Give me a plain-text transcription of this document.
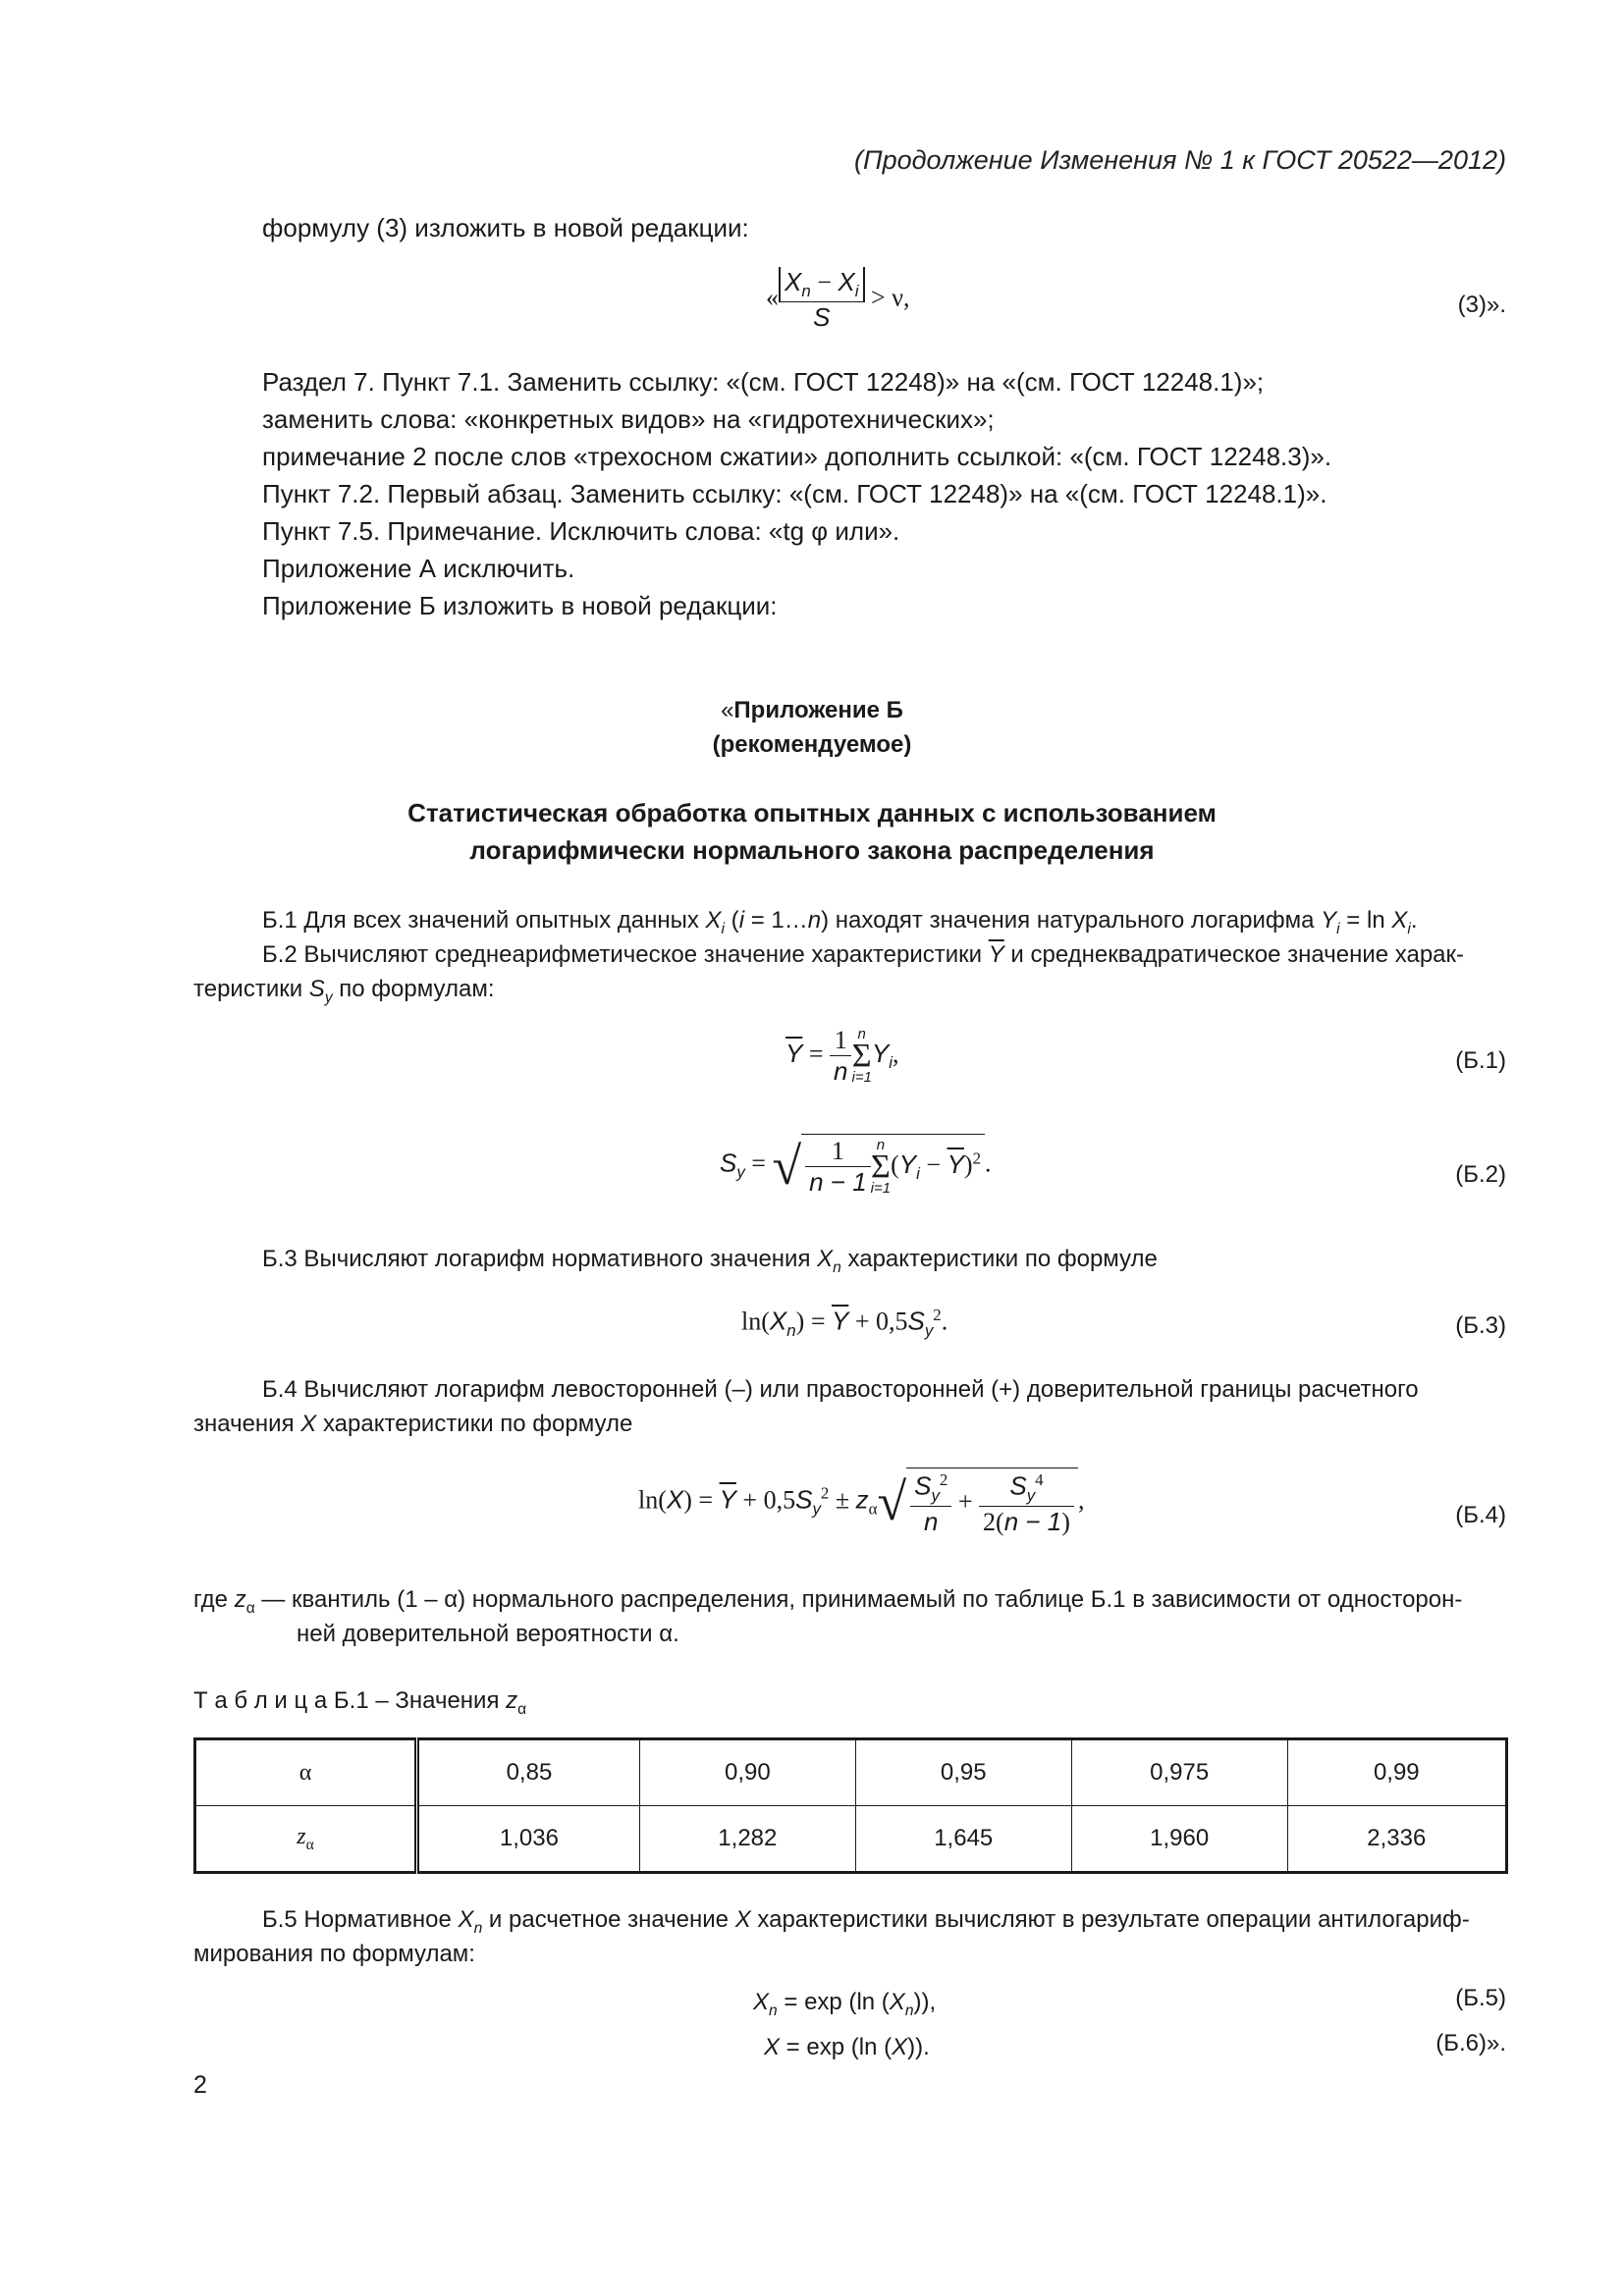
(Продолжение Изменения № 1 к ГОСТ 20522—2012)
формулу (3) изложить в новой редакции:
« $\frac{X_n - X_i}{S} > \nu$,	(3)».
Раздел 7. Пункт 7.1. Заменить ссылку: «(см. ГОСТ 12248)» на «(см. ГОСТ 12248.1)»;
заменить слова: «конкретных видов» на «гидротехнических»;
примечание 2 после слов «трехосном сжатии» дополнить ссылкой: «(см. ГОСТ 12248.3)».
Пункт 7.2. Первый абзац. Заменить ссылку: «(см. ГОСТ 12248)» на «(см. ГОСТ 12248.1)».
Пункт 7.5. Примечание. Исключить слова: «tg φ или».
Приложение А исключить.
Приложение Б изложить в новой редакции:
«Приложение Б
(рекомендуемое)
Статистическая обработка опытных данных с использованием
логарифмически нормального закона распределения
Б.1 Для всех значений опытных данных $X_i$ (i = 1…n) находят значения натурального логарифма $Y_i = \ln X_i$.
Б.2 Вычисляют среднеарифметическое значение характеристики $\overline{Y}$ и среднеквадратическое значение харак-
теристики $S_y$ по формулам:
$\overline{Y} = \frac{1}{n}$ n
Σ
$i=1Y_i$,	(Б.1)
$S_y$ = √ $\frac{1}{n - 1}$ n
Σ
$i=1(Y_i - \overline{Y})^2$ .	(Б.2)
Б.3 Вычисляют логарифм нормативного значения $X_n$ характеристики по формуле
$\ln(X_n) = \overline{Y} + 0,5S_y^2$.	(Б.3)
Б.4 Вычисляют логарифм левосторонней (–) или правосторонней (+) доверительной границы расчетного
значения X характеристики по формуле
$\ln(X) = \overline{Y} + 0,5S_y^2 \pm z_\alpha√ \frac{S_y^2}{n} + \frac{S_y^4}{2(n - 1)}$ ,
(Б.4)
где $z_\alpha$ — квантиль (1 – α) нормального распределения, принимаемый по таблице Б.1 в зависимости от односторон-
ней доверительной вероятности α.
Т а б л и ц а Б.1 – Значения $z_\alpha$
α	0,85	0,90	0,95	0,975	0,99
$z_\alpha$	1,036	1,282	1,645	1,960	2,336
Б.5 Нормативное $X_n$ и расчетное значение X характеристики вычисляют в результате операции антилогариф-
мирования по формулам:
$X_n = \exp (\ln$ $(X_n)$),	(Б.5)
X = exp (ln (X)).	(Б.6)».
2
